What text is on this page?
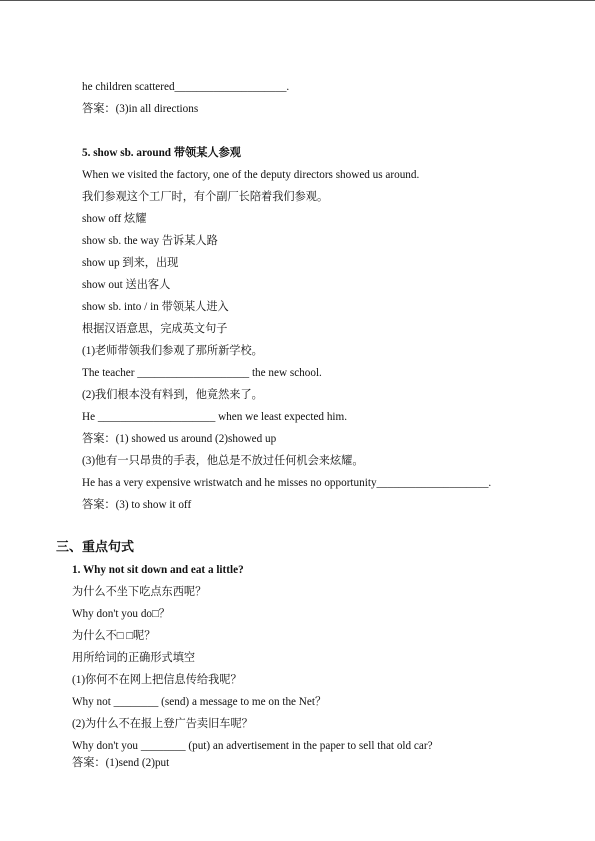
he children scattered____________________.
答案：(3)in all directions
5. show sb. around 带领某人参观
When we visited the factory, one of the deputy directors showed us around.
我们参观这个工厂时，有个副厂长陪着我们参观。
show off 炫耀
show sb. the way 告诉某人路
show up 到来，出现
show out 送出客人
show sb. into / in 带领某人进入
根据汉语意思，完成英文句子
(1)老师带领我们参观了那所新学校。
The teacher ____________________ the new school.
(2)我们根本没有料到，他竟然来了。
He _____________________ when we least expected him.
答案：(1) showed us around (2)showed up
(3)他有一只昂贵的手表，他总是不放过任何机会来炫耀。
He has a very expensive wristwatch and he misses no opportunity____________________.
答案：(3) to show it off
三、重点句式
1. Why not sit down and eat a little?
为什么不坐下吃点东西呢？
Why don't you do□？
为什么不□ □呢？
用所给词的正确形式填空
(1)你何不在网上把信息传给我呢？
Why not ________ (send) a message to me on the Net？
(2)为什么不在报上登广告卖旧车呢？
Why don't you ________ (put) an advertisement in the paper to sell that old car?
答案：(1)send (2)put
